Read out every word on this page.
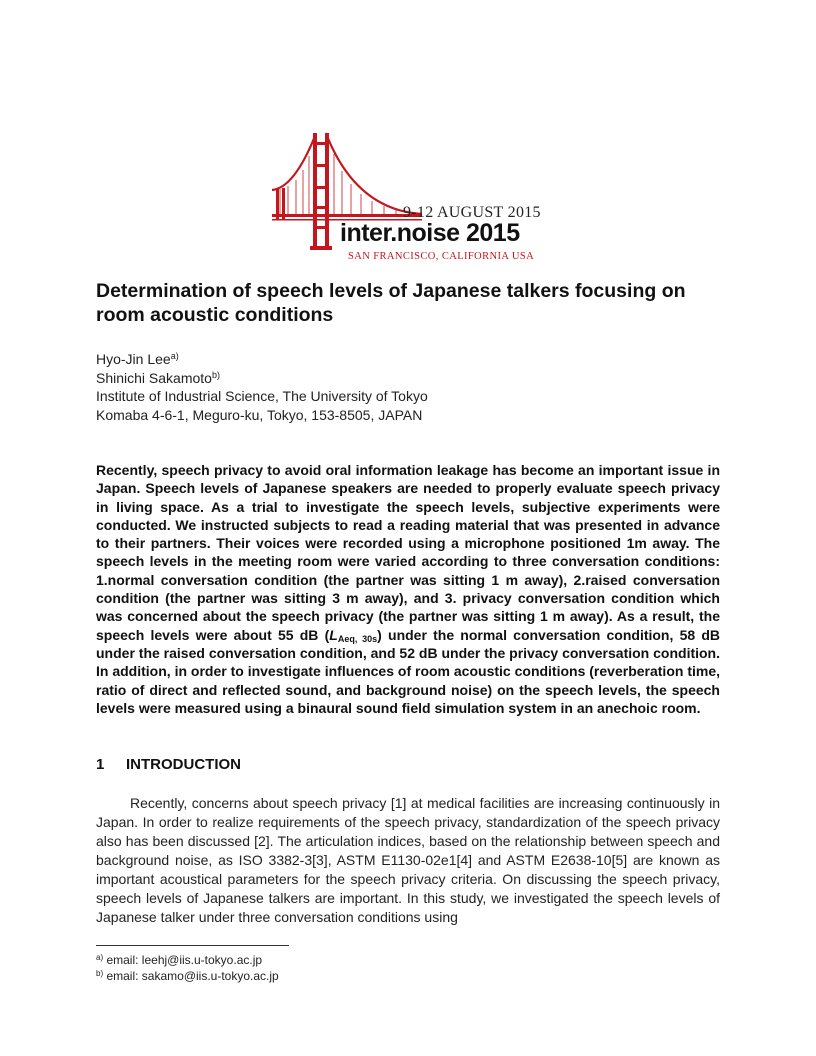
9-12 AUGUST 2015
inter.noise 2015
SAN FRANCISCO, CALIFORNIA USA
Determination of speech levels of Japanese talkers focusing on room acoustic conditions
Hyo-Jin Lee$^{a)}$
Shinichi Sakamoto$^{b)}$
Institute of Industrial Science, The University of Tokyo
Komaba 4-6-1, Meguro-ku, Tokyo, 153-8505, JAPAN
Recently, speech privacy to avoid oral information leakage has become an important issue in Japan. Speech levels of Japanese speakers are needed to properly evaluate speech privacy in living space. As a trial to investigate the speech levels, subjective experiments were conducted. We instructed subjects to read a reading material that was presented in advance to their partners. Their voices were recorded using a microphone positioned 1m away. The speech levels in the meeting room were varied according to three conversation conditions: 1.normal conversation condition (the partner was sitting 1 m away), 2.raised conversation condition (the partner was sitting 3 m away), and 3. privacy conversation condition which was concerned about the speech privacy (the partner was sitting 1 m away). As a result, the speech levels were about 55 dB $(L_{Aeq, 30s})$ under the normal conversation condition, 58 dB under the raised conversation condition, and 52 dB under the privacy conversation condition. In addition, in order to investigate influences of room acoustic conditions (reverberation time, ratio of direct and reflected sound, and background noise) on the speech levels, the speech levels were measured using a binaural sound field simulation system in an anechoic room.
1 INTRODUCTION
Recently, concerns about speech privacy [1] at medical facilities are increasing continuously in Japan. In order to realize requirements of the speech privacy, standardization of the speech privacy also has been discussed [2]. The articulation indices, based on the relationship between speech and background noise, as ISO 3382-3[3], ASTM E1130-02e1[4] and ASTM E2638-10[5] are known as important acoustical parameters for the speech privacy criteria. On discussing the speech privacy, speech levels of Japanese talkers are important. In this study, we investigated the speech levels of Japanese talker under three conversation conditions using
$^{a)}$ email: leehj@iis.u-tokyo.ac.jp
$^{b)}$ email: sakamo@iis.u-tokyo.ac.jp
